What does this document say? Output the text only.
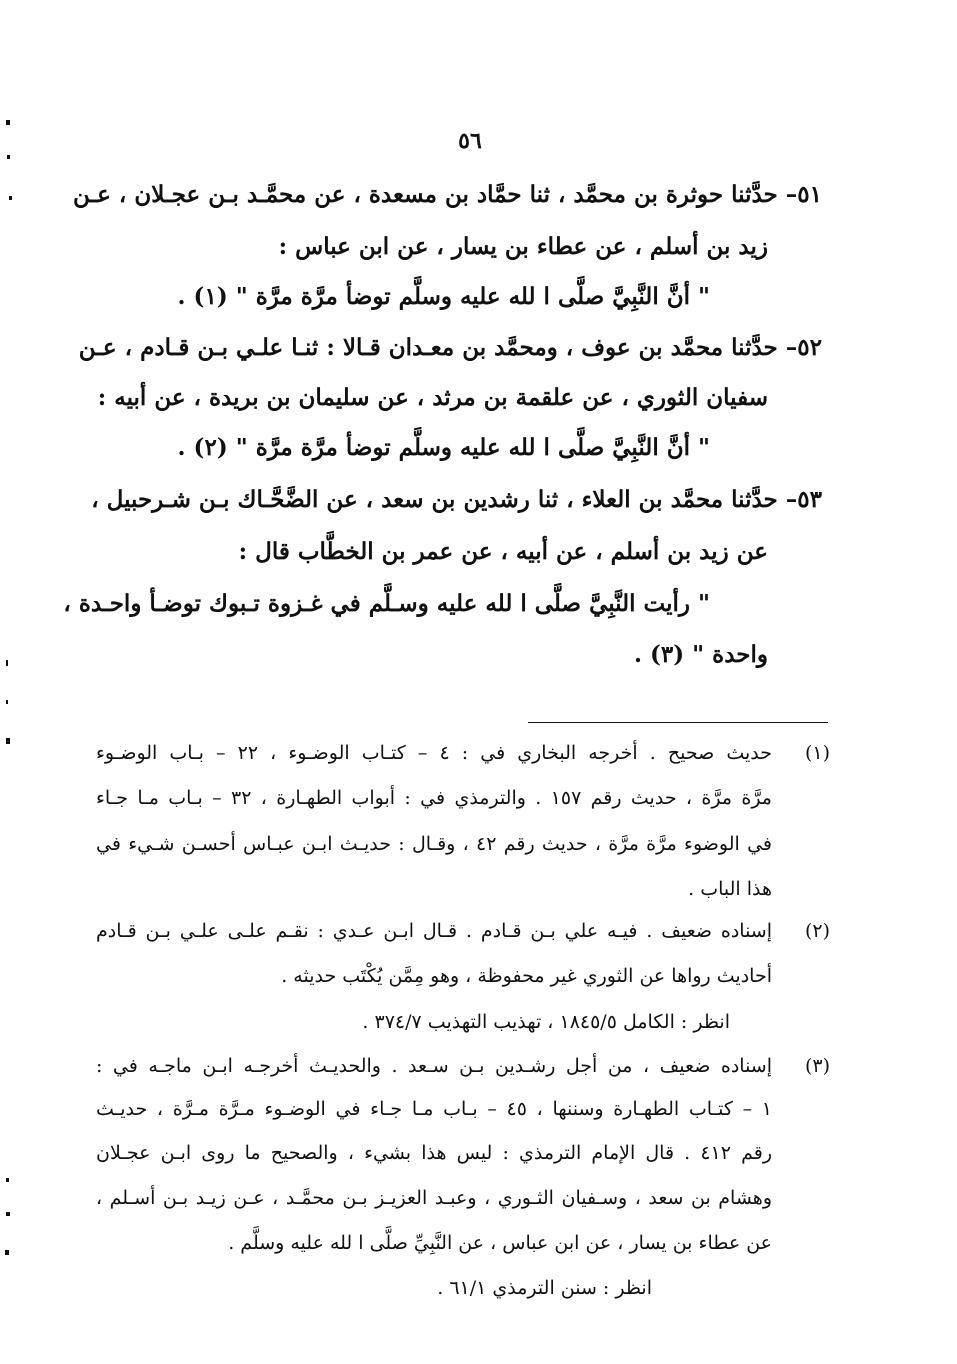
٥٦
٥١– حدَّثنا حوثرة بن محمَّد ، ثنا حمَّاد بن مسعدة ، عن محمَّـد بـن عجـلان ، عـن
زيد بن أسلم ، عن عطاء بن يسار ، عن ابن عباس :
" أنَّ النَّبِيَّ صلَّى ا لله عليه وسلَّم توضأ مرَّة مرَّة " (١) .
٥٢– حدَّثنا محمَّد بن عوف ، ومحمَّد بن معـدان قـالا : ثنـا علـي بـن قـادم ، عـن
سفيان الثوري ، عن علقمة بن مرثد ، عن سليمان بن بريدة ، عن أبيه :
" أنَّ النَّبِيَّ صلَّى ا لله عليه وسلَّم توضأ مرَّة مرَّة " (٢) .
٥٣– حدَّثنا محمَّد بن العلاء ، ثنا رشدين بن سعد ، عن الضَّحَّـاك بـن شـرحبيل ،
عن زيد بن أسلم ، عن أبيه ، عن عمر بن الخطَّاب قال :
" رأيت النَّبِيَّ صلَّى ا لله عليه وسـلَّم في غـزوة تـبوك توضـأ واحـدة ،
واحدة " (٣) .
(١)
حديث صحيح . أخرجه البخاري في : ٤ – كتـاب الوضـوء ، ٢٢ – بـاب الوضـوء
مرَّة مرَّة ، حديث رقم ١٥٧ . والترمذي في : أبواب الطهـارة ، ٣٢ – بـاب مـا جـاء
في الوضوء مرَّة مرَّة ، حديث رقم ٤٢ ، وقـال : حديـث ابـن عبـاس أحسـن شـيء في
هذا الباب .
(٢)
إسناده ضعيف . فيـه علي بـن قـادم . قـال ابـن عـدي : نقـم علـى علـي بـن قـادم
أحاديث رواها عن الثوري غير محفوظة ، وهو مِمَّن يُكْتَب حديثه .
انظر : الكامل ١٨٤٥/٥ ، تهذيب التهذيب ٣٧٤/٧ .
(٣)
إسناده ضعيف ، من أجل رشـدين بـن سـعد . والحديـث أخرجـه ابـن ماجـه في :
١ – كتـاب الطهـارة وسننها ، ٤٥ – بـاب مـا جـاء في الوضـوء مـرَّة مـرَّة ، حديـث
رقم ٤١٢ . قال الإمام الترمذي : ليس هذا بشيء ، والصحيح ما روى ابـن عجـلان
وهشام بن سعد ، وسـفيان الثـوري ، وعبـد العزيـز بـن محمَّـد ، عـن زيـد بـن أسـلم ،
عن عطاء بن يسار ، عن ابن عباس ، عن النَّبِيِّ صلَّى ا لله عليه وسلَّم .
انظر : سنن الترمذي ٦١/١ .
